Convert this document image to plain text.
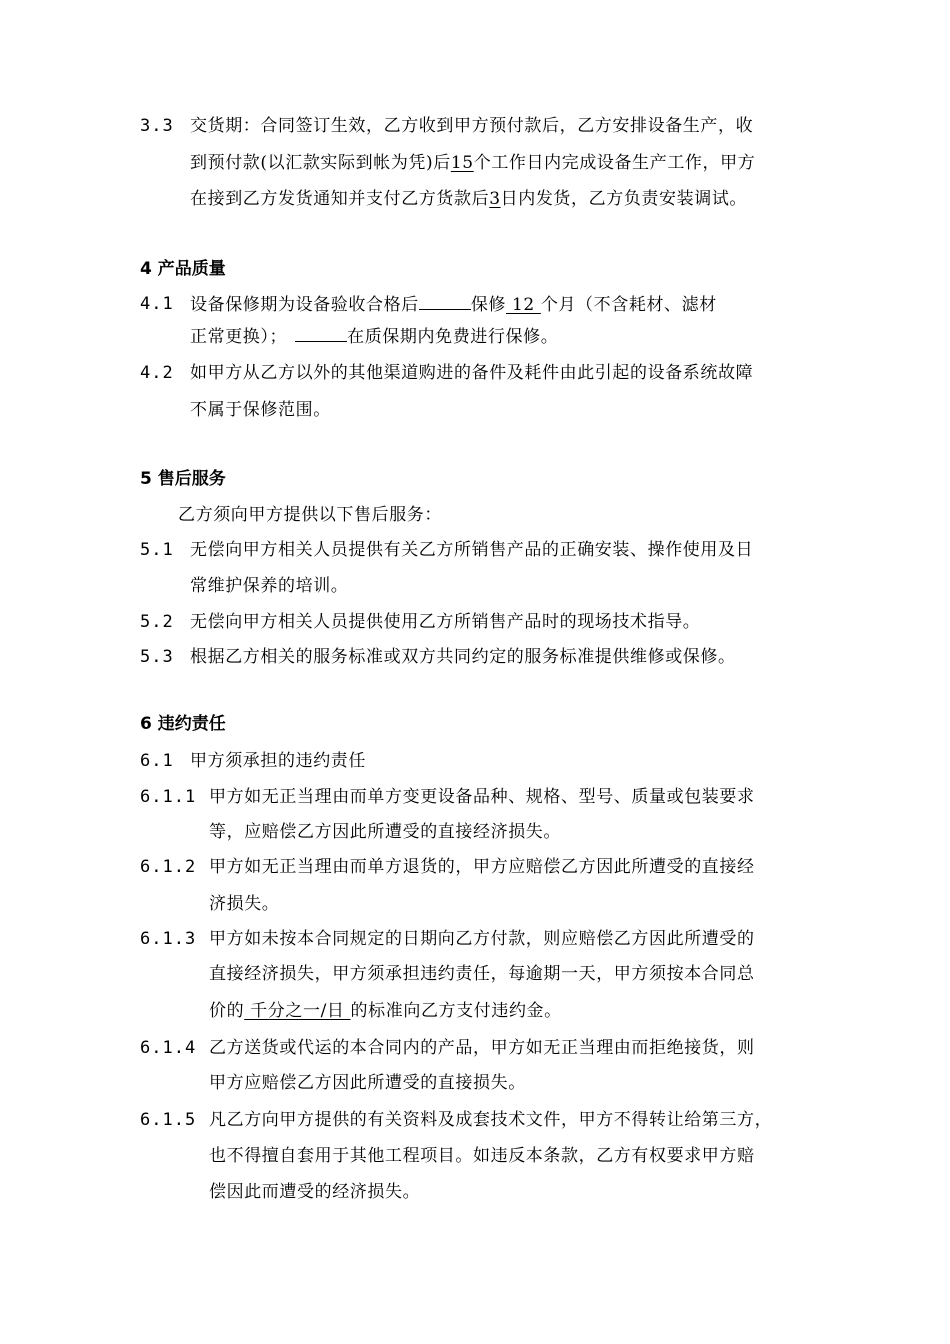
3.3 交货期：合同签订生效，乙方收到甲方预付款后，乙方安排设备生产，收
到预付款(以汇款实际到帐为凭)后15个工作日内完成设备生产工作，甲方
在接到乙方发货通知并支付乙方货款后3日内发货，乙方负责安装调试。
4 产品质量
4.1 设备保修期为设备验收合格后	保修 12 个月（不含耗材、滤材
正常更换）；	在质保期内免费进行保修。
4.2 如甲方从乙方以外的其他渠道购进的备件及耗件由此引起的设备系统故障
不属于保修范围。
5 售后服务
乙方须向甲方提供以下售后服务：
5.1 无偿向甲方相关人员提供有关乙方所销售产品的正确安装、操作使用及日
常维护保养的培训。
5.2 无偿向甲方相关人员提供使用乙方所销售产品时的现场技术指导。
5.3 根据乙方相关的服务标准或双方共同约定的服务标准提供维修或保修。
6 违约责任
6.1 甲方须承担的违约责任
6.1.1 甲方如无正当理由而单方变更设备品种、规格、型号、质量或包装要求
等，应赔偿乙方因此所遭受的直接经济损失。
6.1.2 甲方如无正当理由而单方退货的，甲方应赔偿乙方因此所遭受的直接经
济损失。
6.1.3 甲方如未按本合同规定的日期向乙方付款，则应赔偿乙方因此所遭受的
直接经济损失，甲方须承担违约责任，每逾期一天，甲方须按本合同总
价的 千分之一/日 的标准向乙方支付违约金。
6.1.4 乙方送货或代运的本合同内的产品，甲方如无正当理由而拒绝接货，则
甲方应赔偿乙方因此所遭受的直接损失。
6.1.5 凡乙方向甲方提供的有关资料及成套技术文件，甲方不得转让给第三方，
也不得擅自套用于其他工程项目。如违反本条款，乙方有权要求甲方赔
偿因此而遭受的经济损失。
